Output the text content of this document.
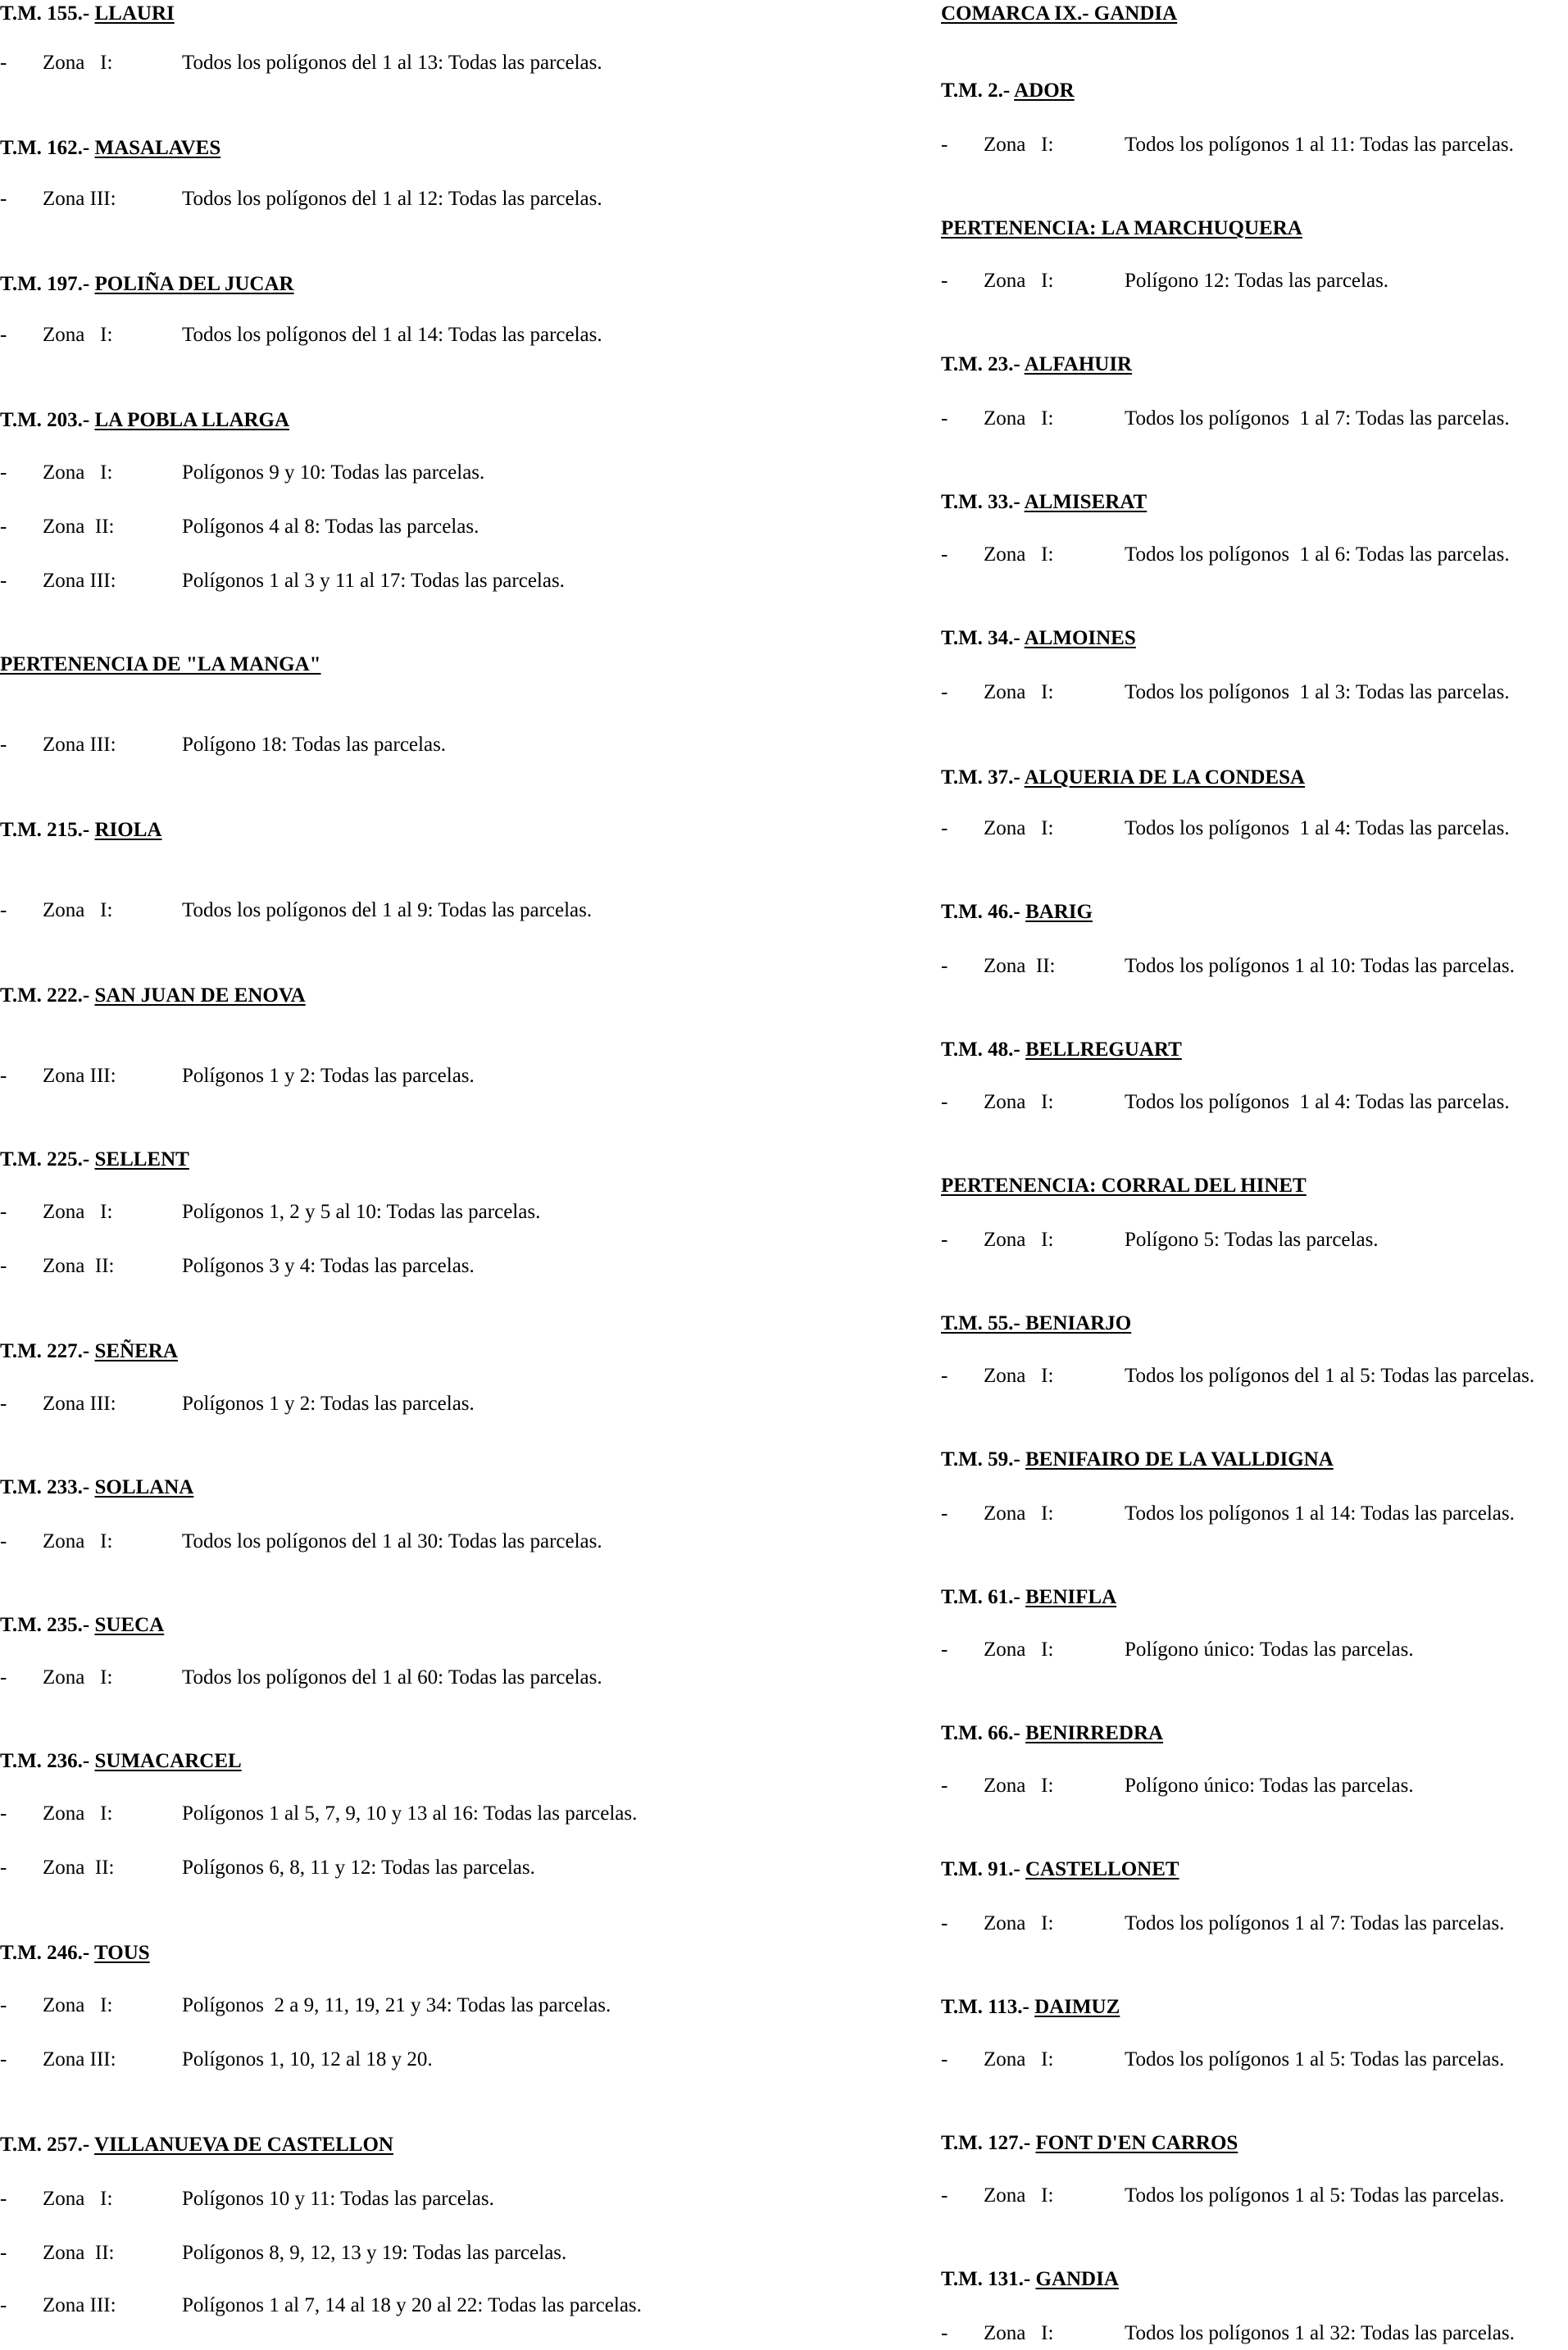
T.M. 155.- LLAURI
- Zona   I:	Todos los polígonos del 1 al 13: Todas las parcelas.
T.M. 162.- MASALAVES
- Zona III:	Todos los polígonos del 1 al 12: Todas las parcelas.
T.M. 197.- POLIÑA DEL JUCAR
- Zona   I:	Todos los polígonos del 1 al 14: Todas las parcelas.
T.M. 203.- LA POBLA LLARGA
- Zona   I:	Polígonos 9 y 10: Todas las parcelas.
- Zona  II:	Polígonos 4 al 8: Todas las parcelas.
- Zona III:	Polígonos 1 al 3 y 11 al 17: Todas las parcelas.
PERTENENCIA DE "LA MANGA"
- Zona III:	Polígono 18: Todas las parcelas.
T.M. 215.- RIOLA
- Zona   I:	Todos los polígonos del 1 al 9: Todas las parcelas.
T.M. 222.- SAN JUAN DE ENOVA
- Zona III:	Polígonos 1 y 2: Todas las parcelas.
T.M. 225.- SELLENT
- Zona   I:	Polígonos 1, 2 y 5 al 10: Todas las parcelas.
- Zona  II:	Polígonos 3 y 4: Todas las parcelas.
T.M. 227.- SEÑERA
- Zona III:	Polígonos 1 y 2: Todas las parcelas.
T.M. 233.- SOLLANA
- Zona   I:	Todos los polígonos del 1 al 30: Todas las parcelas.
T.M. 235.- SUECA
- Zona   I:	Todos los polígonos del 1 al 60: Todas las parcelas.
T.M. 236.- SUMACARCEL
- Zona   I:	Polígonos 1 al 5, 7, 9, 10 y 13 al 16: Todas las parcelas.
- Zona  II:	Polígonos 6, 8, 11 y 12: Todas las parcelas.
T.M. 246.- TOUS
- Zona   I:	Polígonos  2 a 9, 11, 19, 21 y 34: Todas las parcelas.
- Zona III:	Polígonos 1, 10, 12 al 18 y 20.
T.M. 257.- VILLANUEVA DE CASTELLON
- Zona   I:	Polígonos 10 y 11: Todas las parcelas.
- Zona  II:	Polígonos 8, 9, 12, 13 y 19: Todas las parcelas.
- Zona III:	Polígonos 1 al 7, 14 al 18 y 20 al 22: Todas las parcelas.
COMARCA IX.- GANDIA
T.M. 2.- ADOR
- Zona   I:	Todos los polígonos 1 al 11: Todas las parcelas.
PERTENENCIA: LA MARCHUQUERA
- Zona   I:	Polígono 12: Todas las parcelas.
T.M. 23.- ALFAHUIR
- Zona   I:	Todos los polígonos  1 al 7: Todas las parcelas.
T.M. 33.- ALMISERAT
- Zona   I:	Todos los polígonos  1 al 6: Todas las parcelas.
T.M. 34.- ALMOINES
- Zona   I:	Todos los polígonos  1 al 3: Todas las parcelas.
T.M. 37.- ALQUERIA DE LA CONDESA
- Zona   I:	Todos los polígonos  1 al 4: Todas las parcelas.
T.M. 46.- BARIG
- Zona  II:	Todos los polígonos 1 al 10: Todas las parcelas.
T.M. 48.- BELLREGUART
- Zona   I:	Todos los polígonos  1 al 4: Todas las parcelas.
PERTENENCIA: CORRAL DEL HINET
- Zona   I:	Polígono 5: Todas las parcelas.
T.M. 55.- BENIARJO
- Zona   I:	Todos los polígonos del 1 al 5: Todas las parcelas.
T.M. 59.- BENIFAIRO DE LA VALLDIGNA
- Zona   I:	Todos los polígonos 1 al 14: Todas las parcelas.
T.M. 61.- BENIFLA
- Zona   I:	Polígono único: Todas las parcelas.
T.M. 66.- BENIRREDRA
- Zona   I:	Polígono único: Todas las parcelas.
T.M. 91.- CASTELLONET
- Zona   I:	Todos los polígonos 1 al 7: Todas las parcelas.
T.M. 113.- DAIMUZ
- Zona   I:	Todos los polígonos 1 al 5: Todas las parcelas.
T.M. 127.- FONT D'EN CARROS
- Zona   I:	Todos los polígonos 1 al 5: Todas las parcelas.
T.M. 131.- GANDIA
- Zona   I:	Todos los polígonos 1 al 32: Todas las parcelas.
